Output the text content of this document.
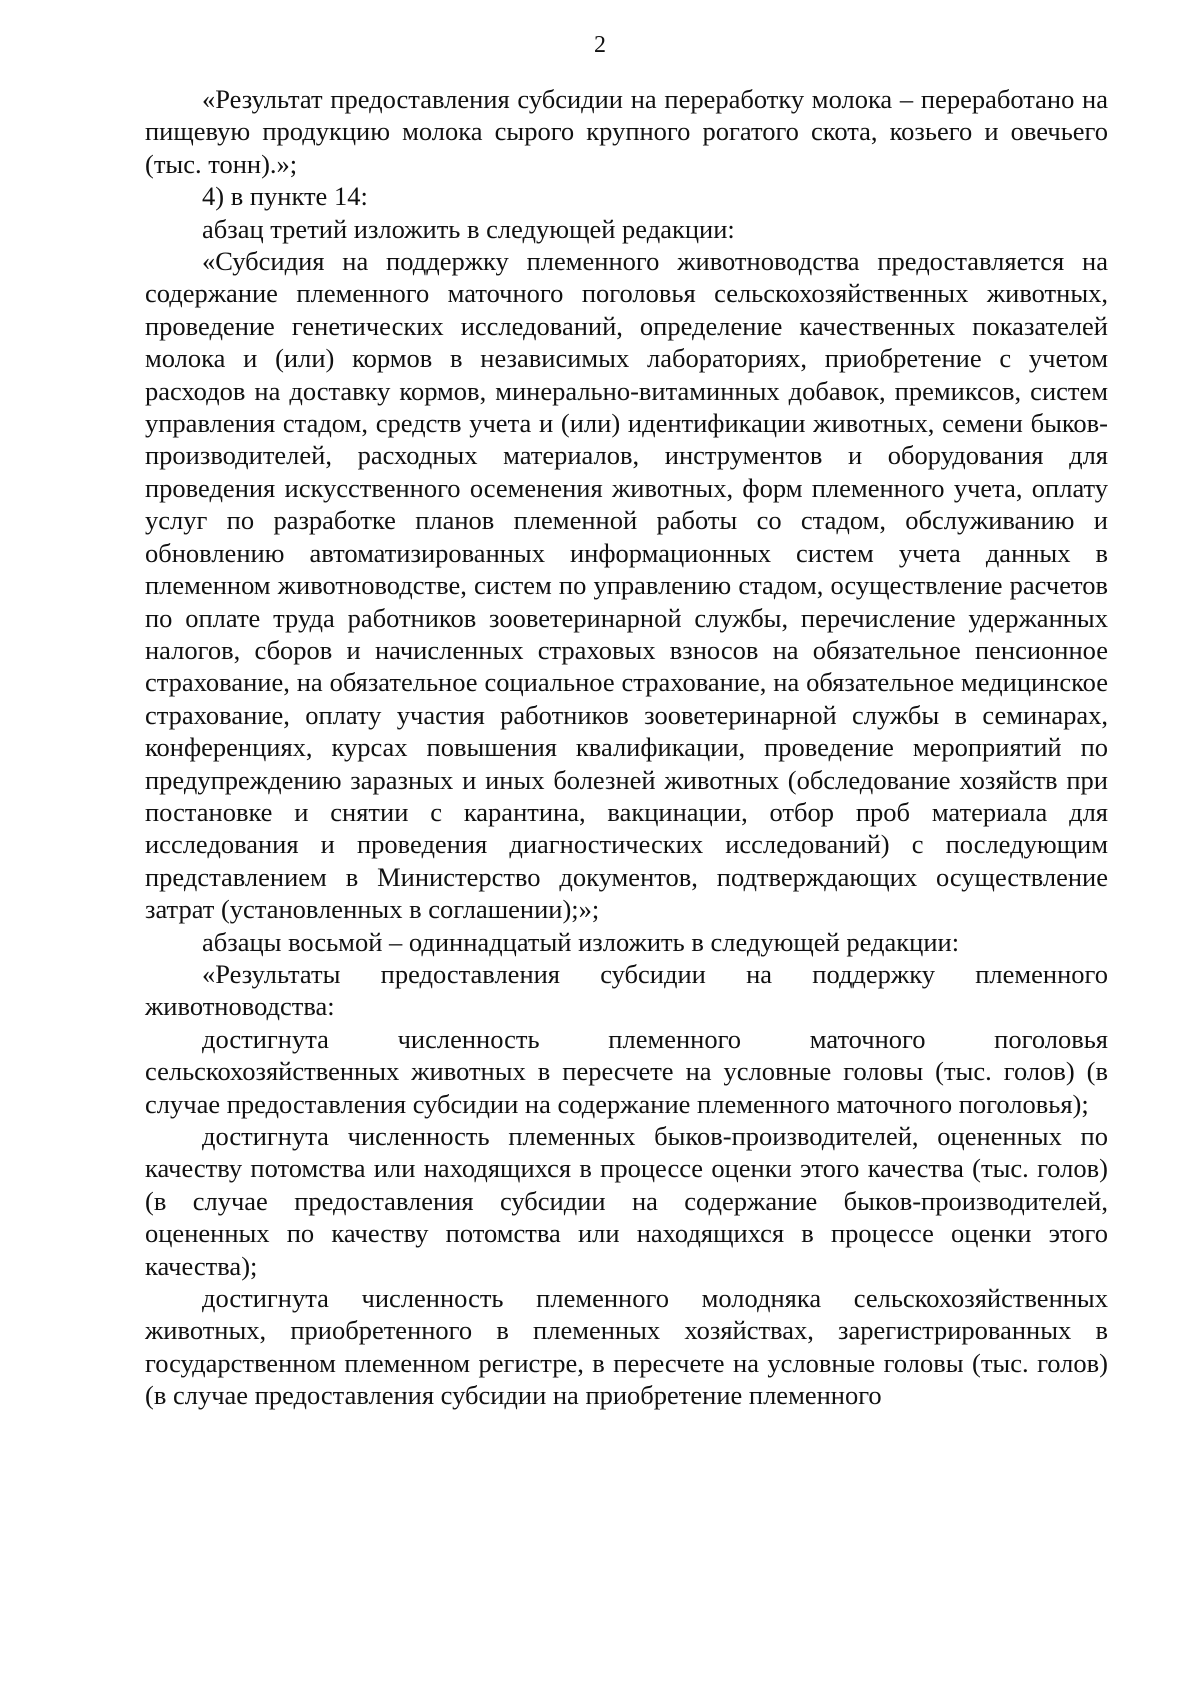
2

«Результат предоставления субсидии на переработку молока – переработано на пищевую продукцию молока сырого крупного рогатого скота, козьего и овечьего (тыс. тонн).»;

4) в пункте 14:

абзац третий изложить в следующей редакции:

«Субсидия на поддержку племенного животноводства предоставляется на содержание племенного маточного поголовья сельскохозяйственных животных, проведение генетических исследований, определение качественных показателей молока и (или) кормов в независимых лабораториях, приобретение с учетом расходов на доставку кормов, минерально-витаминных добавок, премиксов, систем управления стадом, средств учета и (или) идентификации животных, семени быков-производителей, расходных материалов, инструментов и оборудования для проведения искусственного осеменения животных, форм племенного учета, оплату услуг по разработке планов племенной работы со стадом, обслуживанию и обновлению автоматизированных информационных систем учета данных в племенном животноводстве, систем по управлению стадом, осуществление расчетов по оплате труда работников зооветеринарной службы, перечисление удержанных налогов, сборов и начисленных страховых взносов на обязательное пенсионное страхование, на обязательное социальное страхование, на обязательное медицинское страхование, оплату участия работников зооветеринарной службы в семинарах, конференциях, курсах повышения квалификации, проведение мероприятий по предупреждению заразных и иных болезней животных (обследование хозяйств при постановке и снятии с карантина, вакцинации, отбор проб материала для исследования и проведения диагностических исследований) с последующим представлением в Министерство документов, подтверждающих осуществление затрат (установленных в соглашении);»;

абзацы восьмой – одиннадцатый изложить в следующей редакции:

«Результаты предоставления субсидии на поддержку племенного животноводства:

достигнута численность племенного маточного поголовья сельскохозяйственных животных в пересчете на условные головы (тыс. голов) (в случае предоставления субсидии на содержание племенного маточного поголовья);

достигнута численность племенных быков-производителей, оцененных по качеству потомства или находящихся в процессе оценки этого качества (тыс. голов) (в случае предоставления субсидии на содержание быков-производителей, оцененных по качеству потомства или находящихся в процессе оценки этого качества);

достигнута численность племенного молодняка сельскохозяйственных животных, приобретенного в племенных хозяйствах, зарегистрированных в государственном племенном регистре, в пересчете на условные головы (тыс. голов) (в случае предоставления субсидии на приобретение племенного
